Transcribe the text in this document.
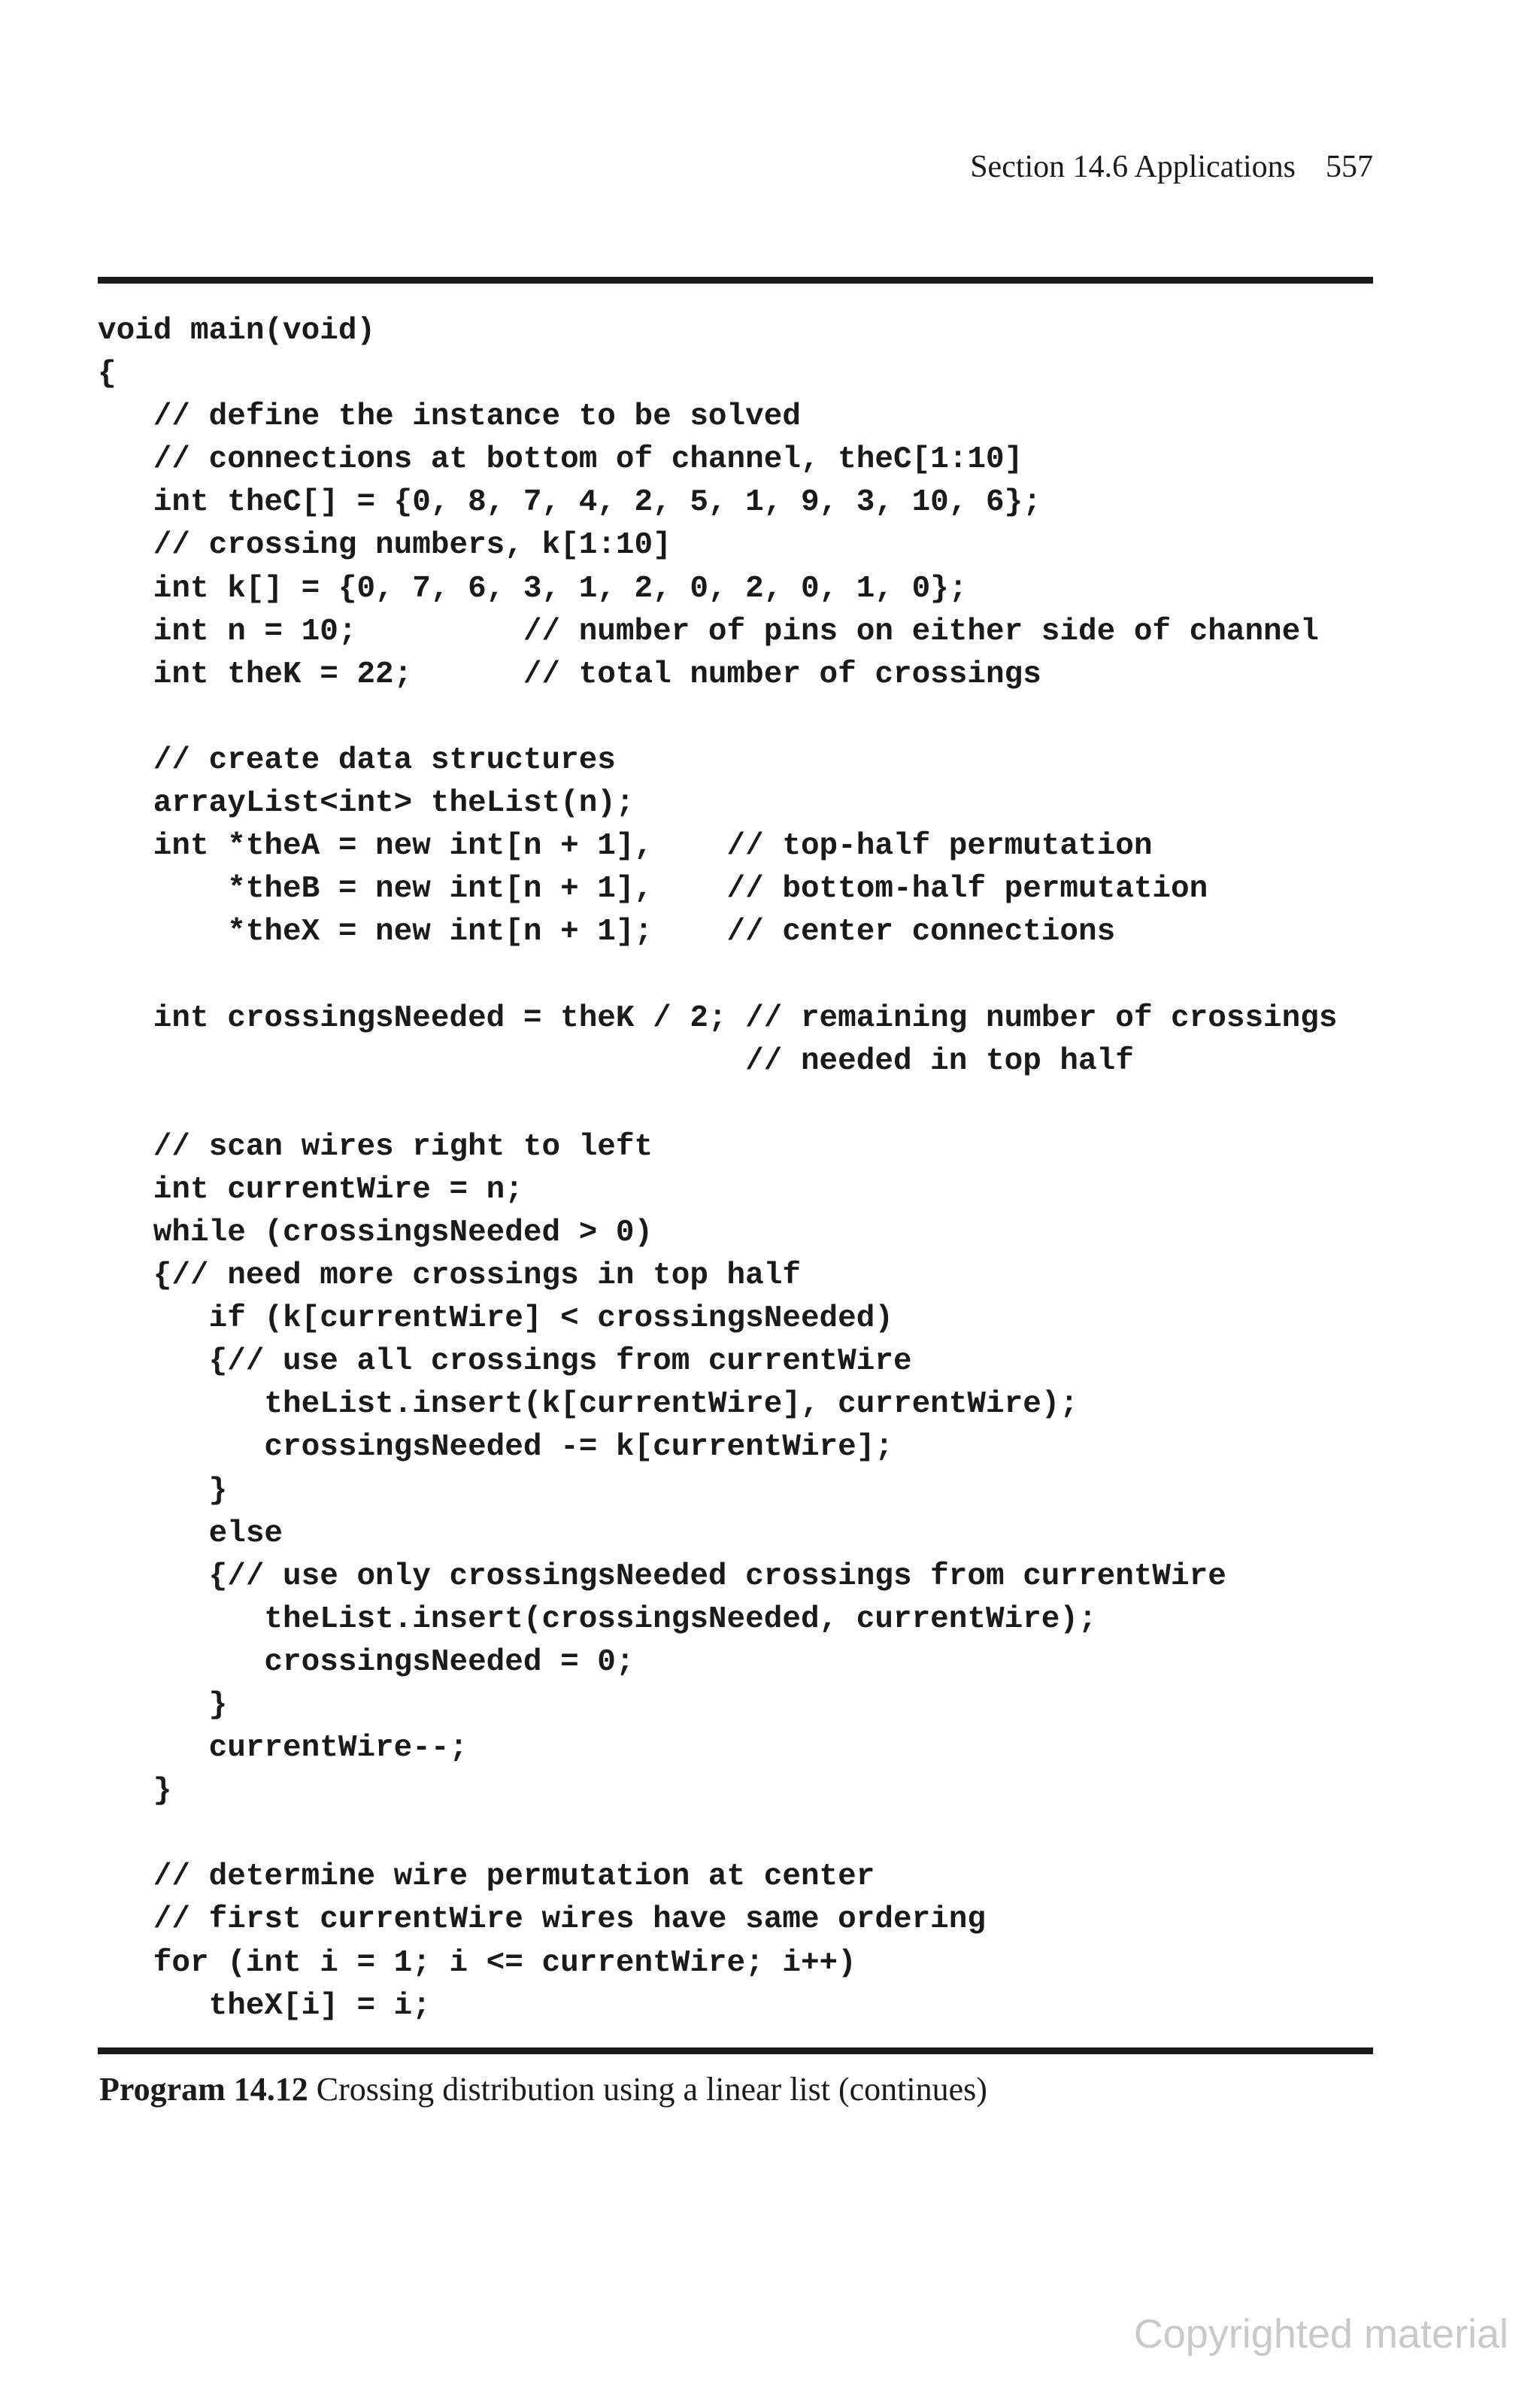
Section 14.6 Applications 557
void main(void)
{
// define the instance to be solved
// connections at bottom of channel, theC[1:10]
int theC[] = {0, 8, 7, 4, 2, 5, 1, 9, 3, 10, 6};
// crossing numbers, k[1:10]
int k[] = {0, 7, 6, 3, 1, 2, 0, 2, 0, 1, 0};
int n = 10;         // number of pins on either side of channel
int theK = 22;      // total number of crossings
// create data structures
arrayList<int> theList(n);
int *theA = new int[n + 1],    // top-half permutation
*theB = new int[n + 1],    // bottom-half permutation
*theX = new int[n + 1];    // center connections
int crossingsNeeded = theK / 2; // remaining number of crossings
// needed in top half
// scan wires right to left
int currentWire = n;
while (crossingsNeeded > 0)
{// need more crossings in top half
if (k[currentWire] < crossingsNeeded)
{// use all crossings from currentWire
theList.insert(k[currentWire], currentWire);
crossingsNeeded -= k[currentWire];
}
else
{// use only crossingsNeeded crossings from currentWire
theList.insert(crossingsNeeded, currentWire);
crossingsNeeded = 0;
}
currentWire--;
}
// determine wire permutation at center
// first currentWire wires have same ordering
for (int i = 1; i <= currentWire; i++)
theX[i] = i;
Program 14.12 Crossing distribution using a linear list (continues)
Copyrighted material
